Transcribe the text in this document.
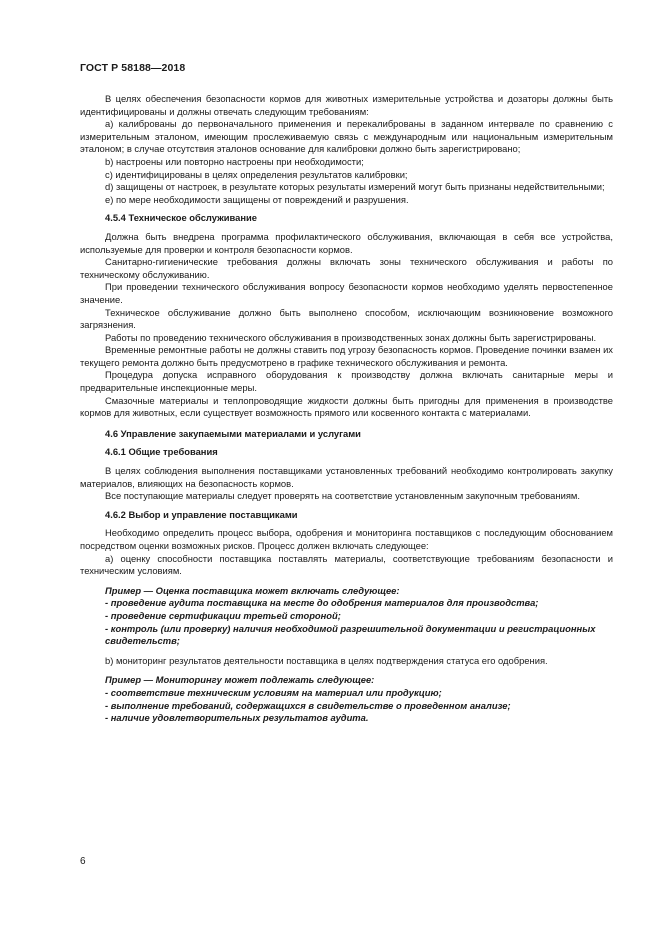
ГОСТ Р 58188—2018

В целях обеспечения безопасности кормов для животных измерительные устройства и дозаторы должны быть идентифицированы и должны отвечать следующим требованиям:

а) калиброваны до первоначального применения и перекалиброваны в заданном интервале по сравнению с измерительным эталоном, имеющим прослеживаемую связь с международным или национальным измерительным эталоном; в случае отсутствия эталонов основание для калибровки должно быть зарегистрировано;

b) настроены или повторно настроены при необходимости;

c) идентифицированы в целях определения результатов калибровки;

d) защищены от настроек, в результате которых результаты измерений могут быть признаны недействительными;

e) по мере необходимости защищены от повреждений и разрушения.

4.5.4 Техническое обслуживание

Должна быть внедрена программа профилактического обслуживания, включающая в себя все устройства, используемые для проверки и контроля безопасности кормов.

Санитарно-гигиенические требования должны включать зоны технического обслуживания и работы по техническому обслуживанию.

При проведении технического обслуживания вопросу безопасности кормов необходимо уделять первостепенное значение.

Техническое обслуживание должно быть выполнено способом, исключающим возникновение возможного загрязнения.

Работы по проведению технического обслуживания в производственных зонах должны быть зарегистрированы.

Временные ремонтные работы не должны ставить под угрозу безопасность кормов. Проведение починки взамен их текущего ремонта должно быть предусмотрено в графике технического обслуживания и ремонта.

Процедура допуска исправного оборудования к производству должна включать санитарные меры и предварительные инспекционные меры.

Смазочные материалы и теплопроводящие жидкости должны быть пригодны для применения в производстве кормов для животных, если существует возможность прямого или косвенного контакта с материалами.

4.6 Управление закупаемыми материалами и услугами

4.6.1 Общие требования

В целях соблюдения выполнения поставщиками установленных требований необходимо контролировать закупку материалов, влияющих на безопасность кормов.

Все поступающие материалы следует проверять на соответствие установленным закупочным требованиям.

4.6.2 Выбор и управление поставщиками

Необходимо определить процесс выбора, одобрения и мониторинга поставщиков с последующим обоснованием посредством оценки возможных рисков. Процесс должен включать следующее:

а) оценку способности поставщика поставлять материалы, соответствующие требованиям безопасности и техническим условиям.

Пример — Оценка поставщика может включать следующее:

- проведение аудита поставщика на месте до одобрения материалов для производства;

- проведение сертификации третьей стороной;

- контроль (или проверку) наличия необходимой разрешительной документации и регистрационных свидетельств;

b) мониторинг результатов деятельности поставщика в целях подтверждения статуса его одобрения.

Пример — Мониторингу может подлежать следующее:

- соответствие техническим условиям на материал или продукцию;

- выполнение требований, содержащихся в свидетельстве о проведенном анализе;

- наличие удовлетворительных результатов аудита.

6
